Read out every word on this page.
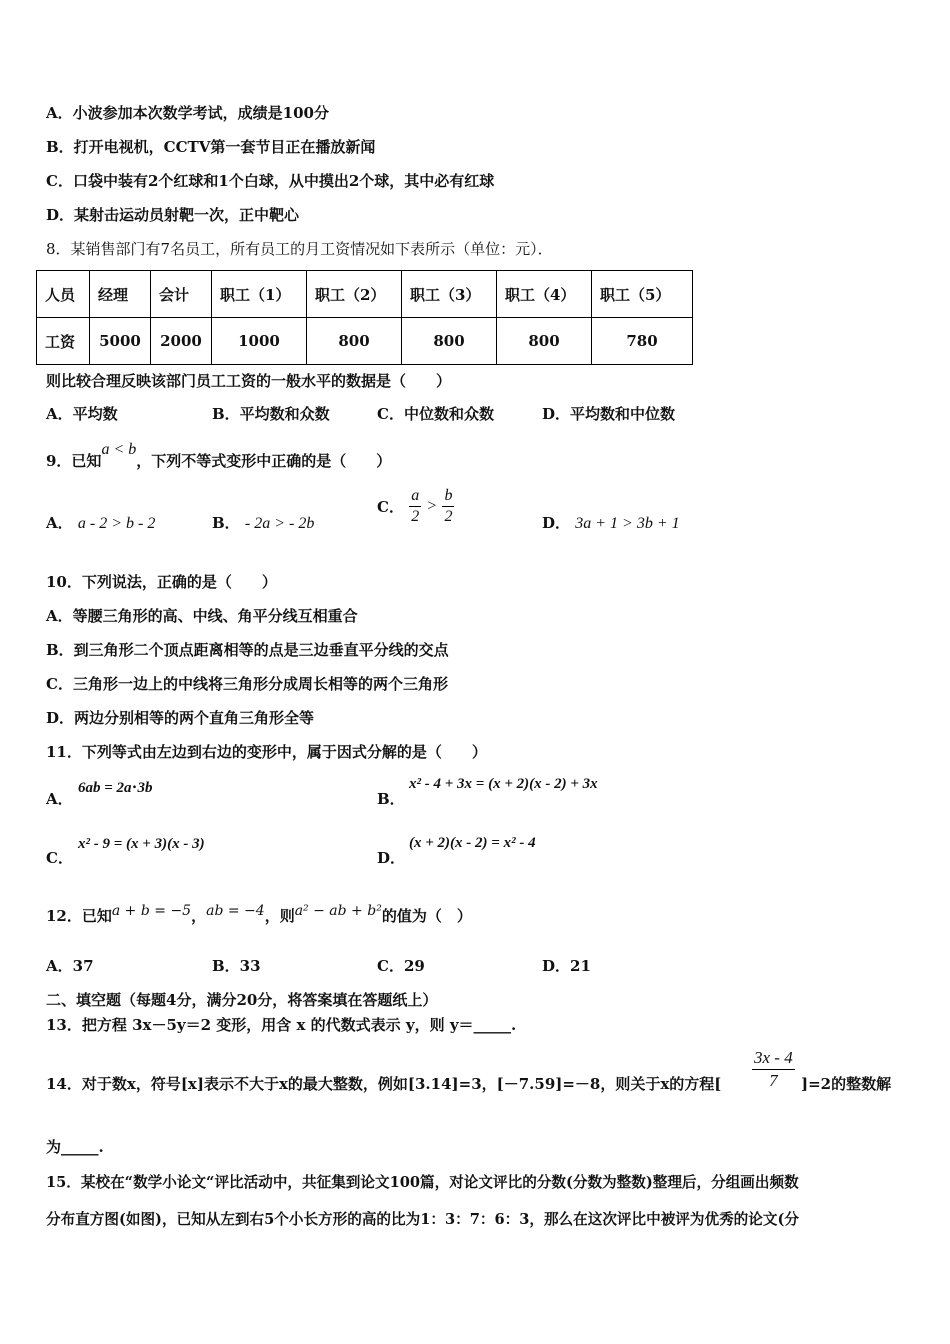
A．小波参加本次数学考试，成绩是100分
B．打开电视机，CCTV第一套节目正在播放新闻
C．口袋中装有2个红球和1个白球，从中摸出2个球，其中必有红球
D．某射击运动员射靶一次，正中靶心
8．某销售部门有7名员工，所有员工的月工资情况如下表所示（单位：元）．
人员	经理	会计	职工（1）	职工（2）	职工（3）	职工（4）	职工（5）
工资	5000	2000	1000	800	800	800	780
则比较合理反映该部门员工工资的一般水平的数据是（　　）
A．平均数	B．平均数和众数	C．中位数和众数	D．平均数和中位数
9．已知a < b，下列不等式变形中正确的是（　　）
A． a - 2 > b - 2	B． - 2a > - 2b
C． $\frac{a}{2} > \frac{b}{2}$	D． 3a + 1 > 3b + 1
10．下列说法，正确的是（　　）
A．等腰三角形的高、中线、角平分线互相重合
B．到三角形二个顶点距离相等的点是三边垂直平分线的交点
C．三角形一边上的中线将三角形分成周长相等的两个三角形
D．两边分别相等的两个直角三角形全等
11．下列等式由左边到右边的变形中，属于因式分解的是（　　）
A．
6ab = 2a⋅3b
B．
x² - 4 + 3x = (x + 2)(x - 2) + 3x
C．
x² - 9 = (x + 3)(x - 3)
D．
(x + 2)(x - 2) = x² - 4
12．已知a + b = −5，ab = −4，则a² − ab + b²的值为（　）
A．37	B．33	C．29	D．21
二、填空题（每题4分，满分20分，将答案填在答题纸上）
13．把方程 3x－5y＝2 变形，用含 x 的代数式表示 y，则 y＝_____.
14．对于数x，符号[x]表示不大于x的最大整数，例如[3.14]=3，[－7.59]=－8，则关于x的方程[ $\frac{3x - 4}{7} ]=2$的整数解
为_____.
15．某校在“数学小论文“评比活动中，共征集到论文100篇，对论文评比的分数(分数为整数)整理后，分组画出频数
分布直方图(如图)，已知从左到右5个小长方形的高的比为1：3：7：6：3，那么在这次评比中被评为优秀的论文(分
